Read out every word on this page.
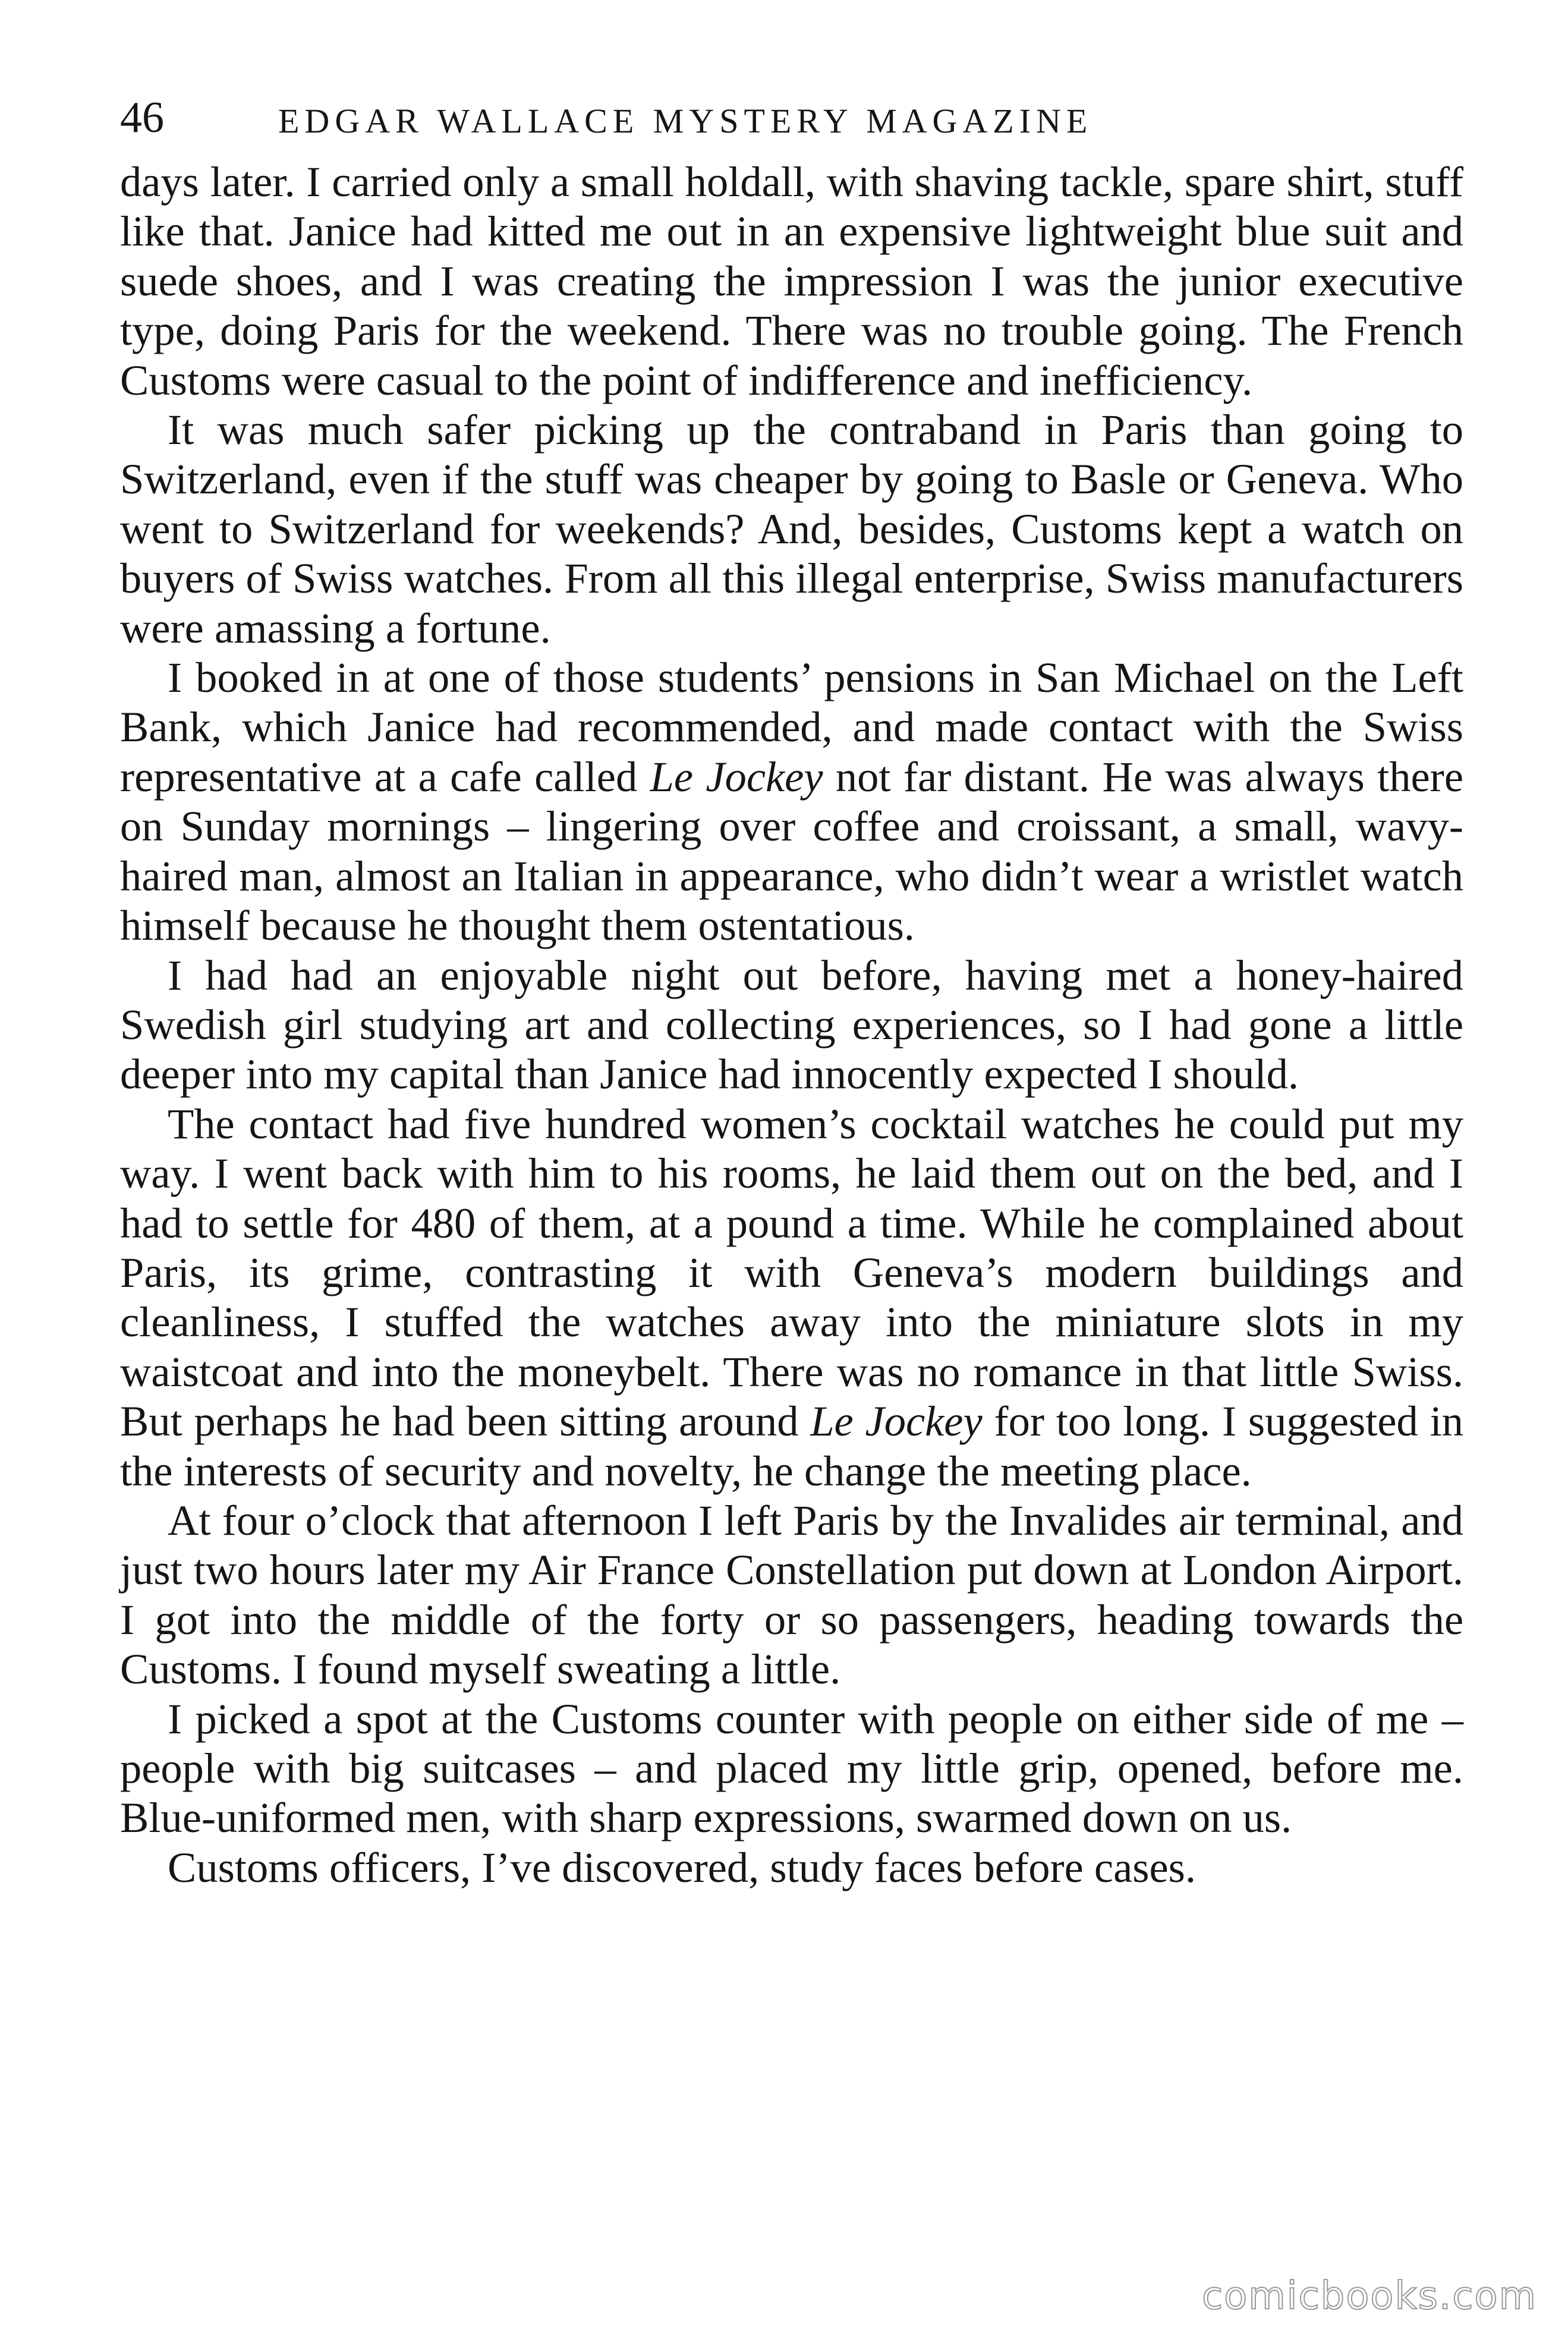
46	EDGAR WALLACE MYSTERY MAGAZINE

days later. I carried only a small holdall, with shaving tackle, spare shirt, stuff like that. Janice had kitted me out in an expensive lightweight blue suit and suede shoes, and I was creating the impression I was the junior executive type, doing Paris for the weekend. There was no trouble going. The French Customs were casual to the point of indifference and inefficiency.

It was much safer picking up the contraband in Paris than going to Switzerland, even if the stuff was cheaper by going to Basle or Geneva. Who went to Switzerland for weekends? And, besides, Customs kept a watch on buyers of Swiss watches. From all this illegal enterprise, Swiss manufacturers were amassing a fortune.

I booked in at one of those students’ pensions in San Michael on the Left Bank, which Janice had recommended, and made contact with the Swiss representative at a cafe called Le Jockey not far distant. He was always there on Sunday mornings – lingering over coffee and croissant, a small, wavy-haired man, almost an Italian in appearance, who didn’t wear a wristlet watch himself because he thought them ostentatious.

I had had an enjoyable night out before, having met a honey-haired Swedish girl studying art and collecting experiences, so I had gone a little deeper into my capital than Janice had innocently expected I should.

The contact had five hundred women’s cocktail watches he could put my way. I went back with him to his rooms, he laid them out on the bed, and I had to settle for 480 of them, at a pound a time. While he complained about Paris, its grime, contrasting it with Geneva’s modern buildings and cleanliness, I stuffed the watches away into the miniature slots in my waistcoat and into the moneybelt. There was no romance in that little Swiss. But perhaps he had been sitting around Le Jockey for too long. I suggested in the interests of security and novelty, he change the meeting place.

At four o’clock that afternoon I left Paris by the Invalides air terminal, and just two hours later my Air France Constellation put down at London Airport. I got into the middle of the forty or so passengers, heading towards the Customs. I found myself sweating a little.

I picked a spot at the Customs counter with people on either side of me – people with big suitcases – and placed my little grip, opened, before me. Blue-uniformed men, with sharp expressions, swarmed down on us.

Customs officers, I’ve discovered, study faces before cases.

comicbooks.com
